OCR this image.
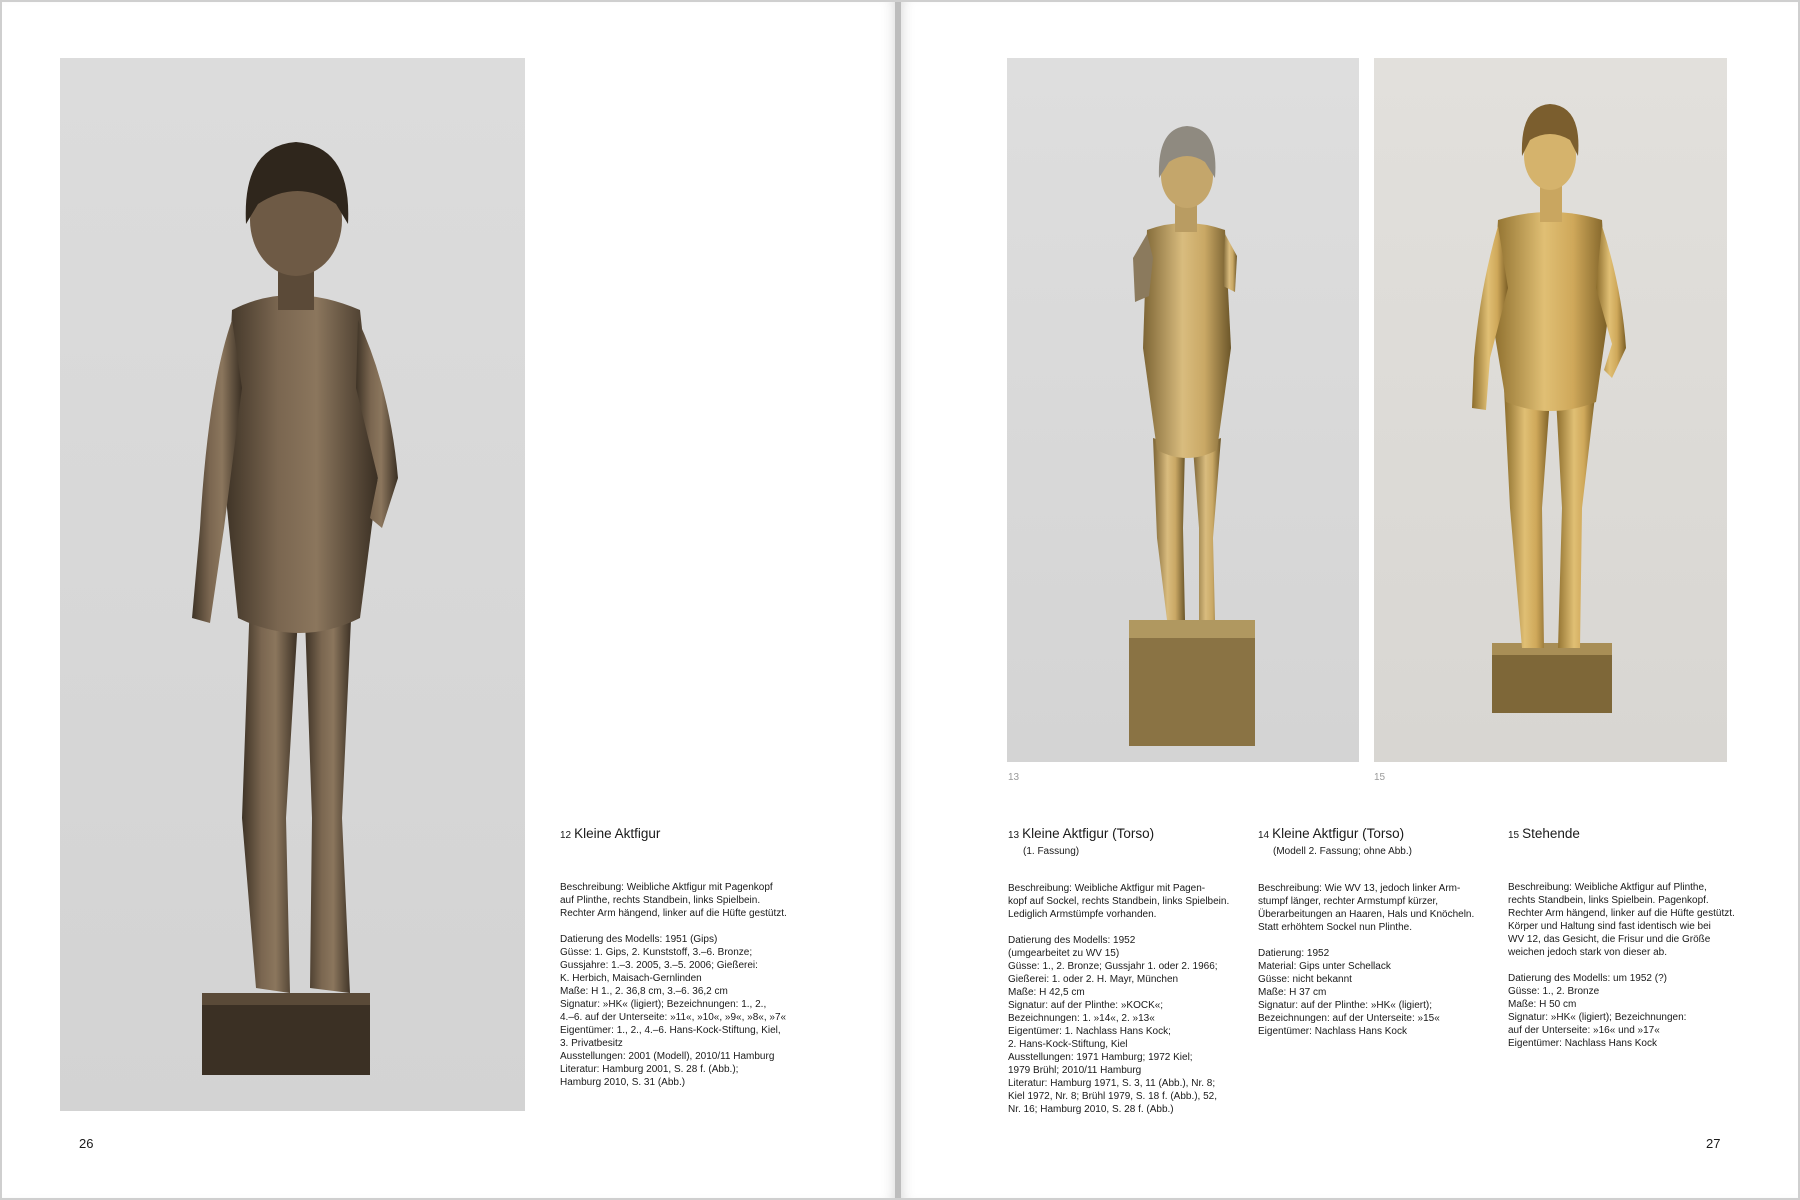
13	15
12 Kleine Aktfigur

Beschreibung: Weibliche Aktfigur mit Pagenkopf
auf Plinthe, rechts Standbein, links Spielbein.
Rechter Arm hängend, linker auf die Hüfte gestützt.

Datierung des Modells: 1951 (Gips)
Güsse: 1. Gips, 2. Kunststoff, 3.–6. Bronze;
Gussjahre: 1.–3. 2005, 3.–5. 2006; Gießerei:
K. Herbich, Maisach-Gernlinden
Maße: H 1., 2. 36,8 cm, 3.–6. 36,2 cm
Signatur: »HK« (ligiert); Bezeichnungen: 1., 2.,
4.–6. auf der Unterseite: »11«, »10«, »9«, »8«, »7«
Eigentümer: 1., 2., 4.–6. Hans-Kock-Stiftung, Kiel,
3. Privatbesitz
Ausstellungen: 2001 (Modell), 2010/11 Hamburg
Literatur: Hamburg 2001, S. 28 f. (Abb.);
Hamburg 2010, S. 31 (Abb.)

13 Kleine Aktfigur (Torso)
(1. Fassung)

Beschreibung: Weibliche Aktfigur mit Pagen-
kopf auf Sockel, rechts Standbein, links Spielbein.
Lediglich Armstümpfe vorhanden.

Datierung des Modells: 1952
(umgearbeitet zu WV 15)
Güsse: 1., 2. Bronze; Gussjahr 1. oder 2. 1966;
Gießerei: 1. oder 2. H. Mayr, München
Maße: H 42,5 cm
Signatur: auf der Plinthe: »KOCK«;
Bezeichnungen: 1. »14«, 2. »13«
Eigentümer: 1. Nachlass Hans Kock;
2. Hans-Kock-Stiftung, Kiel
Ausstellungen: 1971 Hamburg; 1972 Kiel;
1979 Brühl; 2010/11 Hamburg
Literatur: Hamburg 1971, S. 3, 11 (Abb.), Nr. 8;
Kiel 1972, Nr. 8; Brühl 1979, S. 18 f. (Abb.), 52,
Nr. 16; Hamburg 2010, S. 28 f. (Abb.)

14 Kleine Aktfigur (Torso)
(Modell 2. Fassung; ohne Abb.)

Beschreibung: Wie WV 13, jedoch linker Arm-
stumpf länger, rechter Armstumpf kürzer,
Überarbeitungen an Haaren, Hals und Knöcheln.
Statt erhöhtem Sockel nun Plinthe.

Datierung: 1952
Material: Gips unter Schellack
Güsse: nicht bekannt
Maße: H 37 cm
Signatur: auf der Plinthe: »HK« (ligiert);
Bezeichnungen: auf der Unterseite: »15«
Eigentümer: Nachlass Hans Kock

15 Stehende

Beschreibung: Weibliche Aktfigur auf Plinthe,
rechts Standbein, links Spielbein. Pagenkopf.
Rechter Arm hängend, linker auf die Hüfte gestützt.
Körper und Haltung sind fast identisch wie bei
WV 12, das Gesicht, die Frisur und die Größe
weichen jedoch stark von dieser ab.

Datierung des Modells: um 1952 (?)
Güsse: 1., 2. Bronze
Maße: H 50 cm
Signatur: »HK« (ligiert); Bezeichnungen:
auf der Unterseite: »16« und »17«
Eigentümer: Nachlass Hans Kock

26	27
